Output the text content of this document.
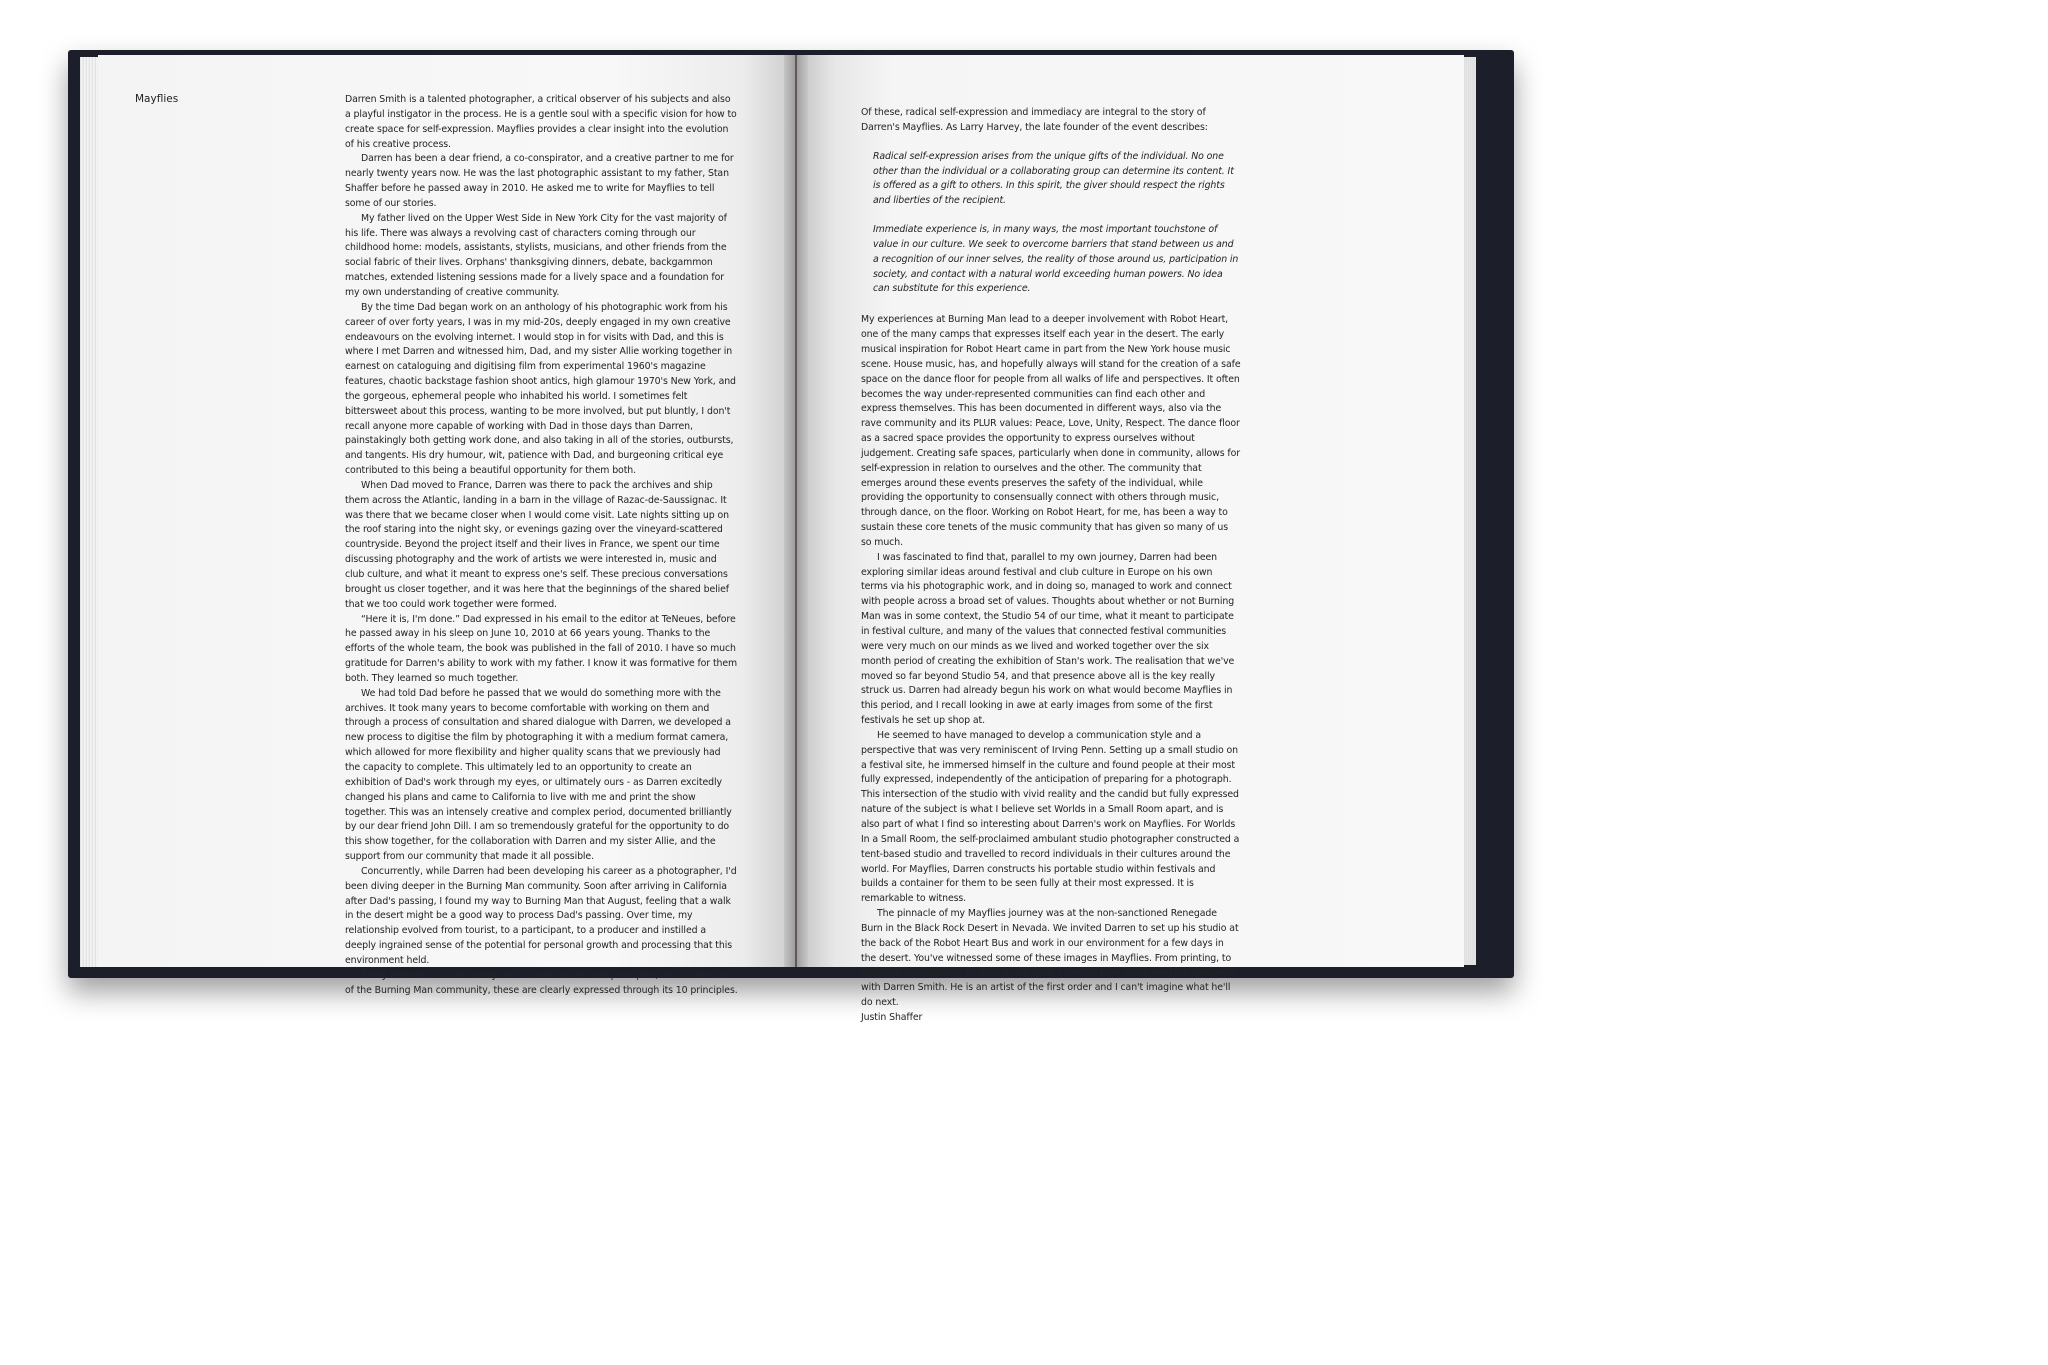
Mayflies	Darren Smith is a talented photographer, a critical observer of his subjects and also a playful instigator in the process. He is a gentle soul with a specific vision for how to create space for self-expression. Mayflies provides a clear insight into the evolution of his creative process.

Darren has been a dear friend, a co-conspirator, and a creative partner to me for nearly twenty years now. He was the last photographic assistant to my father, Stan Shaffer before he passed away in 2010. He asked me to write for Mayflies to tell some of our stories.

My father lived on the Upper West Side in New York City for the vast majority of his life. There was always a revolving cast of characters coming through our childhood home: models, assistants, stylists, musicians, and other friends from the social fabric of their lives. Orphans' thanksgiving dinners, debate, backgammon matches, extended listening sessions made for a lively space and a foundation for my own understanding of creative community.

By the time Dad began work on an anthology of his photographic work from his career of over forty years, I was in my mid-20s, deeply engaged in my own creative endeavours on the evolving internet. I would stop in for visits with Dad, and this is where I met Darren and witnessed him, Dad, and my sister Allie working together in earnest on cataloguing and digitising film from experimental 1960's magazine features, chaotic backstage fashion shoot antics, high glamour 1970's New York, and the gorgeous, ephemeral people who inhabited his world. I sometimes felt bittersweet about this process, wanting to be more involved, but put bluntly, I don't recall anyone more capable of working with Dad in those days than Darren, painstakingly both getting work done, and also taking in all of the stories, outbursts, and tangents. His dry humour, wit, patience with Dad, and burgeoning critical eye contributed to this being a beautiful opportunity for them both.

When Dad moved to France, Darren was there to pack the archives and ship them across the Atlantic, landing in a barn in the village of Razac-de-Saussignac. It was there that we became closer when I would come visit. Late nights sitting up on the roof staring into the night sky, or evenings gazing over the vineyard-scattered countryside. Beyond the project itself and their lives in France, we spent our time discussing photography and the work of artists we were interested in, music and club culture, and what it meant to express one's self. These precious conversations brought us closer together, and it was here that the beginnings of the shared belief that we too could work together were formed.

“Here it is, I'm done.” Dad expressed in his email to the editor at TeNeues, before he passed away in his sleep on June 10, 2010 at 66 years young. Thanks to the efforts of the whole team, the book was published in the fall of 2010. I have so much gratitude for Darren's ability to work with my father. I know it was formative for them both. They learned so much together.

We had told Dad before he passed that we would do something more with the archives. It took many years to become comfortable with working on them and through a process of consultation and shared dialogue with Darren, we developed a new process to digitise the film by photographing it with a medium format camera, which allowed for more flexibility and higher quality scans that we previously had the capacity to complete. This ultimately led to an opportunity to create an exhibition of Dad's work through my eyes, or ultimately ours - as Darren excitedly changed his plans and came to California to live with me and print the show together. This was an intensely creative and complex period, documented brilliantly by our dear friend John Dill. I am so tremendously grateful for the opportunity to do this show together, for the collaboration with Darren and my sister Allie, and the support from our community that made it all possible.

Concurrently, while Darren had been developing his career as a photographer, I'd been diving deeper in the Burning Man community. Soon after arriving in California after Dad's passing, I found my way to Burning Man that August, feeling that a walk in the desert might be a good way to process Dad's passing. Over time, my relationship evolved from tourist, to a participant, to a producer and instilled a deeply ingrained sense of the potential for personal growth and processing that this environment held.

Every festival is a community with its own values and principles, and in the case of the Burning Man community, these are clearly expressed through its 10 principles.

Of these, radical self-expression and immediacy are integral to the story of Darren's Mayflies. As Larry Harvey, the late founder of the event describes:

Radical self-expression arises from the unique gifts of the individual. No one other than the individual or a collaborating group can determine its content. It is offered as a gift to others. In this spirit, the giver should respect the rights and liberties of the recipient.

Immediate experience is, in many ways, the most important touchstone of value in our culture. We seek to overcome barriers that stand between us and a recognition of our inner selves, the reality of those around us, participation in society, and contact with a natural world exceeding human powers. No idea can substitute for this experience.

My experiences at Burning Man lead to a deeper involvement with Robot Heart, one of the many camps that expresses itself each year in the desert. The early musical inspiration for Robot Heart came in part from the New York house music scene. House music, has, and hopefully always will stand for the creation of a safe space on the dance floor for people from all walks of life and perspectives. It often becomes the way under-represented communities can find each other and express themselves. This has been documented in different ways, also via the rave community and its PLUR values: Peace, Love, Unity, Respect. The dance floor as a sacred space provides the opportunity to express ourselves without judgement. Creating safe spaces, particularly when done in community, allows for self-expression in relation to ourselves and the other. The community that emerges around these events preserves the safety of the individual, while providing the opportunity to consensually connect with others through music, through dance, on the floor. Working on Robot Heart, for me, has been a way to sustain these core tenets of the music community that has given so many of us so much.

I was fascinated to find that, parallel to my own journey, Darren had been exploring similar ideas around festival and club culture in Europe on his own terms via his photographic work, and in doing so, managed to work and connect with people across a broad set of values. Thoughts about whether or not Burning Man was in some context, the Studio 54 of our time, what it meant to participate in festival culture, and many of the values that connected festival communities were very much on our minds as we lived and worked together over the six month period of creating the exhibition of Stan's work. The realisation that we've moved so far beyond Studio 54, and that presence above all is the key really struck us. Darren had already begun his work on what would become Mayflies in this period, and I recall looking in awe at early images from some of the first festivals he set up shop at.

He seemed to have managed to develop a communication style and a perspective that was very reminiscent of Irving Penn. Setting up a small studio on a festival site, he immersed himself in the culture and found people at their most fully expressed, independently of the anticipation of preparing for a photograph. This intersection of the studio with vivid reality and the candid but fully expressed nature of the subject is what I believe set Worlds in a Small Room apart, and is also part of what I find so interesting about Darren's work on Mayflies. For Worlds In a Small Room, the self-proclaimed ambulant studio photographer constructed a tent-based studio and travelled to record individuals in their cultures around the world. For Mayflies, Darren constructs his portable studio within festivals and builds a container for them to be seen fully at their most expressed. It is remarkable to witness.

The pinnacle of my Mayflies journey was at the non-sanctioned Renegade Burn in the Black Rock Desert in Nevada. We invited Darren to set up his studio at the back of the Robot Heart Bus and work in our environment for a few days in the desert. You've witnessed some of these images in Mayflies. From printing, to dialogue in friendship, to work in the field, I cherish time spent working creatively with Darren Smith. He is an artist of the first order and I can't imagine what he'll do next.

Justin Shaffer
